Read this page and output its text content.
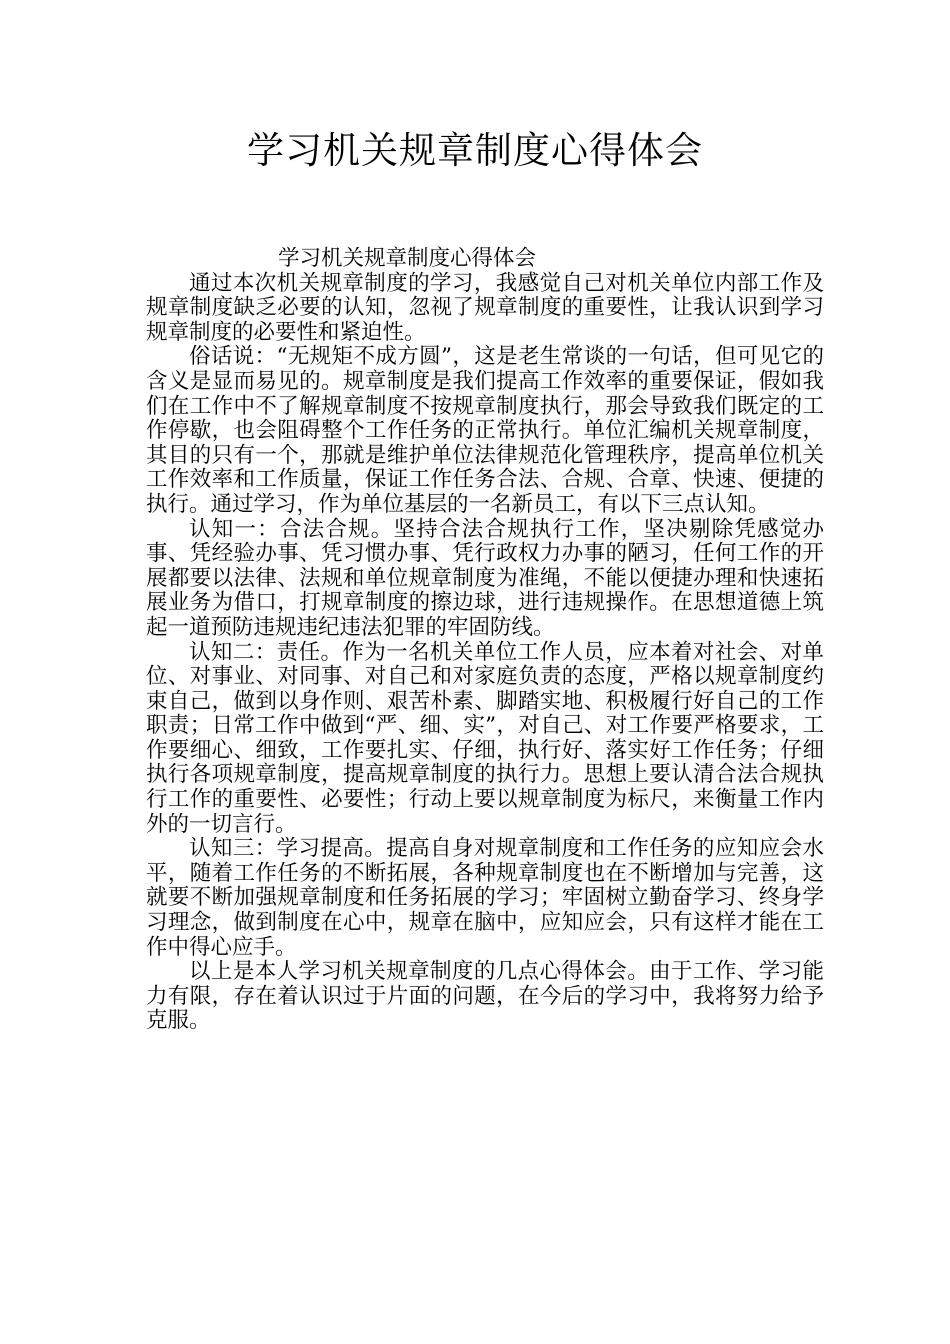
学习机关规章制度心得体会

学习机关规章制度心得体会

通过本次机关规章制度的学习，我感觉自己对机关单位内部工作及规章制度缺乏必要的认知，忽视了规章制度的重要性，让我认识到学习规章制度的必要性和紧迫性。

俗话说：“无规矩不成方圆”，这是老生常谈的一句话，但可见它的含义是显而易见的。规章制度是我们提高工作效率的重要保证，假如我们在工作中不了解规章制度不按规章制度执行，那会导致我们既定的工作停歇，也会阻碍整个工作任务的正常执行。单位汇编机关规章制度，其目的只有一个，那就是维护单位法律规范化管理秩序，提高单位机关工作效率和工作质量，保证工作任务合法、合规、合章、快速、便捷的执行。通过学习，作为单位基层的一名新员工，有以下三点认知。

认知一：合法合规。坚持合法合规执行工作，坚决剔除凭感觉办事、凭经验办事、凭习惯办事、凭行政权力办事的陋习，任何工作的开展都要以法律、法规和单位规章制度为准绳，不能以便捷办理和快速拓展业务为借口，打规章制度的擦边球，进行违规操作。在思想道德上筑起一道预防违规违纪违法犯罪的牢固防线。

认知二：责任。作为一名机关单位工作人员，应本着对社会、对单位、对事业、对同事、对自己和对家庭负责的态度，严格以规章制度约束自己，做到以身作则、艰苦朴素、脚踏实地、积极履行好自己的工作职责；日常工作中做到“严、细、实”，对自己、对工作要严格要求，工作要细心、细致，工作要扎实、仔细，执行好、落实好工作任务；仔细执行各项规章制度，提高规章制度的执行力。思想上要认清合法合规执行工作的重要性、必要性；行动上要以规章制度为标尺，来衡量工作内外的一切言行。

认知三：学习提高。提高自身对规章制度和工作任务的应知应会水平，随着工作任务的不断拓展，各种规章制度也在不断增加与完善，这就要不断加强规章制度和任务拓展的学习；牢固树立勤奋学习、终身学习理念，做到制度在心中，规章在脑中，应知应会，只有这样才能在工作中得心应手。

以上是本人学习机关规章制度的几点心得体会。由于工作、学习能力有限，存在着认识过于片面的问题，在今后的学习中，我将努力给予克服。
